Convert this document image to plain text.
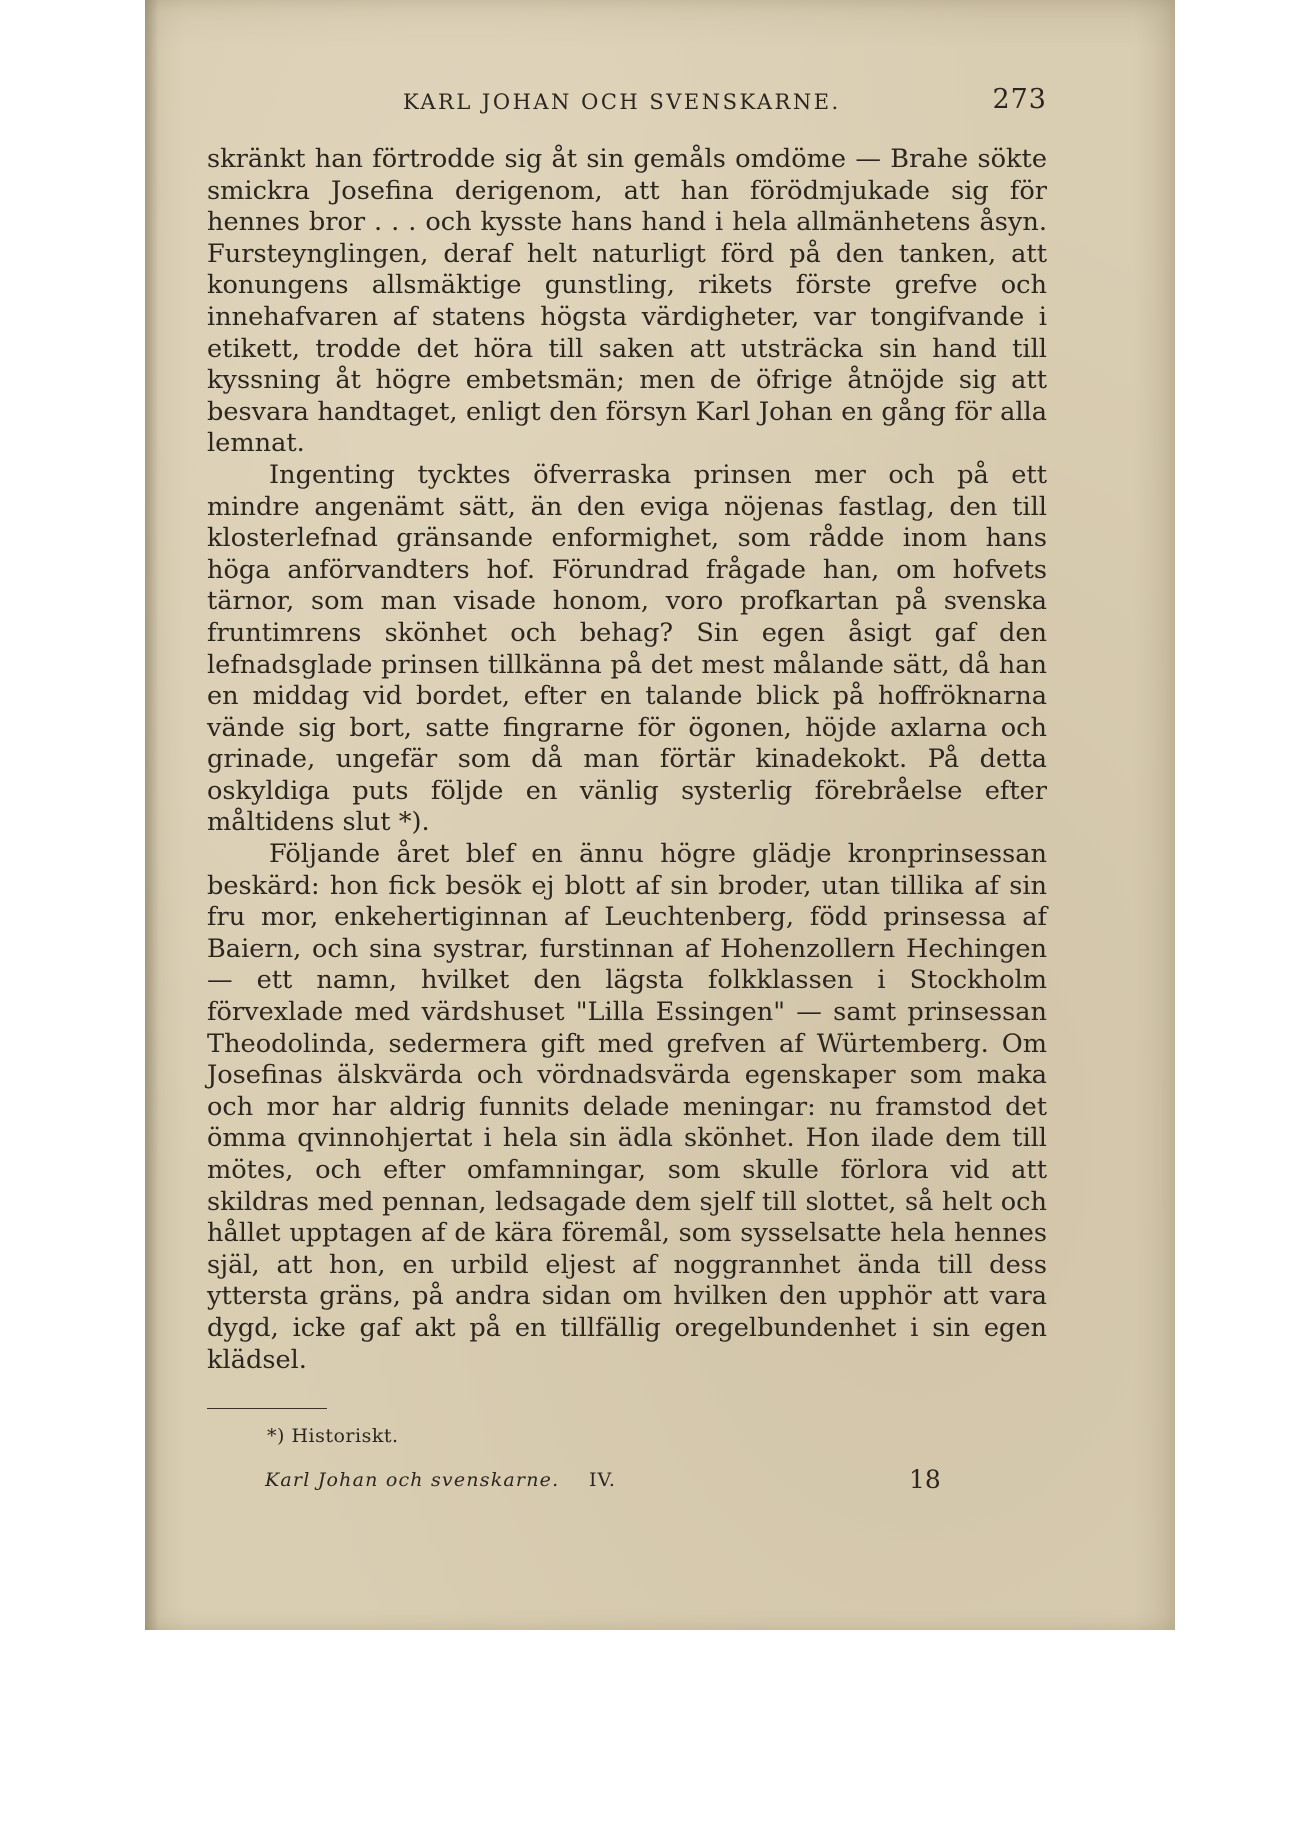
KARL JOHAN OCH SVENSKARNE.	273

skränkt han förtrodde sig åt sin gemåls omdöme — Brahe sökte smickra Josefina derigenom, att han förödmjukade sig för hennes bror . . . och kysste hans hand i hela allmänhetens åsyn. Fursteynglingen, deraf helt naturligt förd på den tanken, att konungens allsmäktige gunstling, rikets förste grefve och innehafvaren af statens högsta värdigheter, var tongifvande i etikett, trodde det höra till saken att utsträcka sin hand till kyssning åt högre embetsmän; men de öfrige åtnöjde sig att besvara handtaget, enligt den försyn Karl Johan en gång för alla lemnat.

Ingenting tycktes öfverraska prinsen mer och på ett mindre angenämt sätt, än den eviga nöjenas fastlag, den till klosterlefnad gränsande enformighet, som rådde inom hans höga anförvandters hof. Förundrad frågade han, om hofvets tärnor, som man visade honom, voro profkartan på svenska fruntimrens skönhet och behag? Sin egen åsigt gaf den lefnadsglade prinsen tillkänna på det mest målande sätt, då han en middag vid bordet, efter en talande blick på hoffröknarna vände sig bort, satte fingrarne för ögonen, höjde axlarna och grinade, ungefär som då man förtär kinadekokt. På detta oskyldiga puts följde en vänlig systerlig förebråelse efter måltidens slut *).

Följande året blef en ännu högre glädje kronprinsessan beskärd: hon fick besök ej blott af sin broder, utan tillika af sin fru mor, enkehertiginnan af Leuchtenberg, född prinsessa af Baiern, och sina systrar, furstinnan af Hohenzollern Hechingen — ett namn, hvilket den lägsta folkklassen i Stockholm förvexlade med värdshuset "Lilla Essingen" — samt prinsessan Theodolinda, sedermera gift med grefven af Würtemberg. Om Josefinas älskvärda och vördnadsvärda egenskaper som maka och mor har aldrig funnits delade meningar: nu framstod det ömma qvinnohjertat i hela sin ädla skönhet. Hon ilade dem till mötes, och efter omfamningar, som skulle förlora vid att skildras med pennan, ledsagade dem sjelf till slottet, så helt och hållet upptagen af de kära föremål, som sysselsatte hela hennes själ, att hon, en urbild eljest af noggrannhet ända till dess yttersta gräns, på andra sidan om hvilken den upphör att vara dygd, icke gaf akt på en tillfällig oregelbundenhet i sin egen klädsel.

*) Historiskt.
Karl Johan och svenskarne. IV.	18
